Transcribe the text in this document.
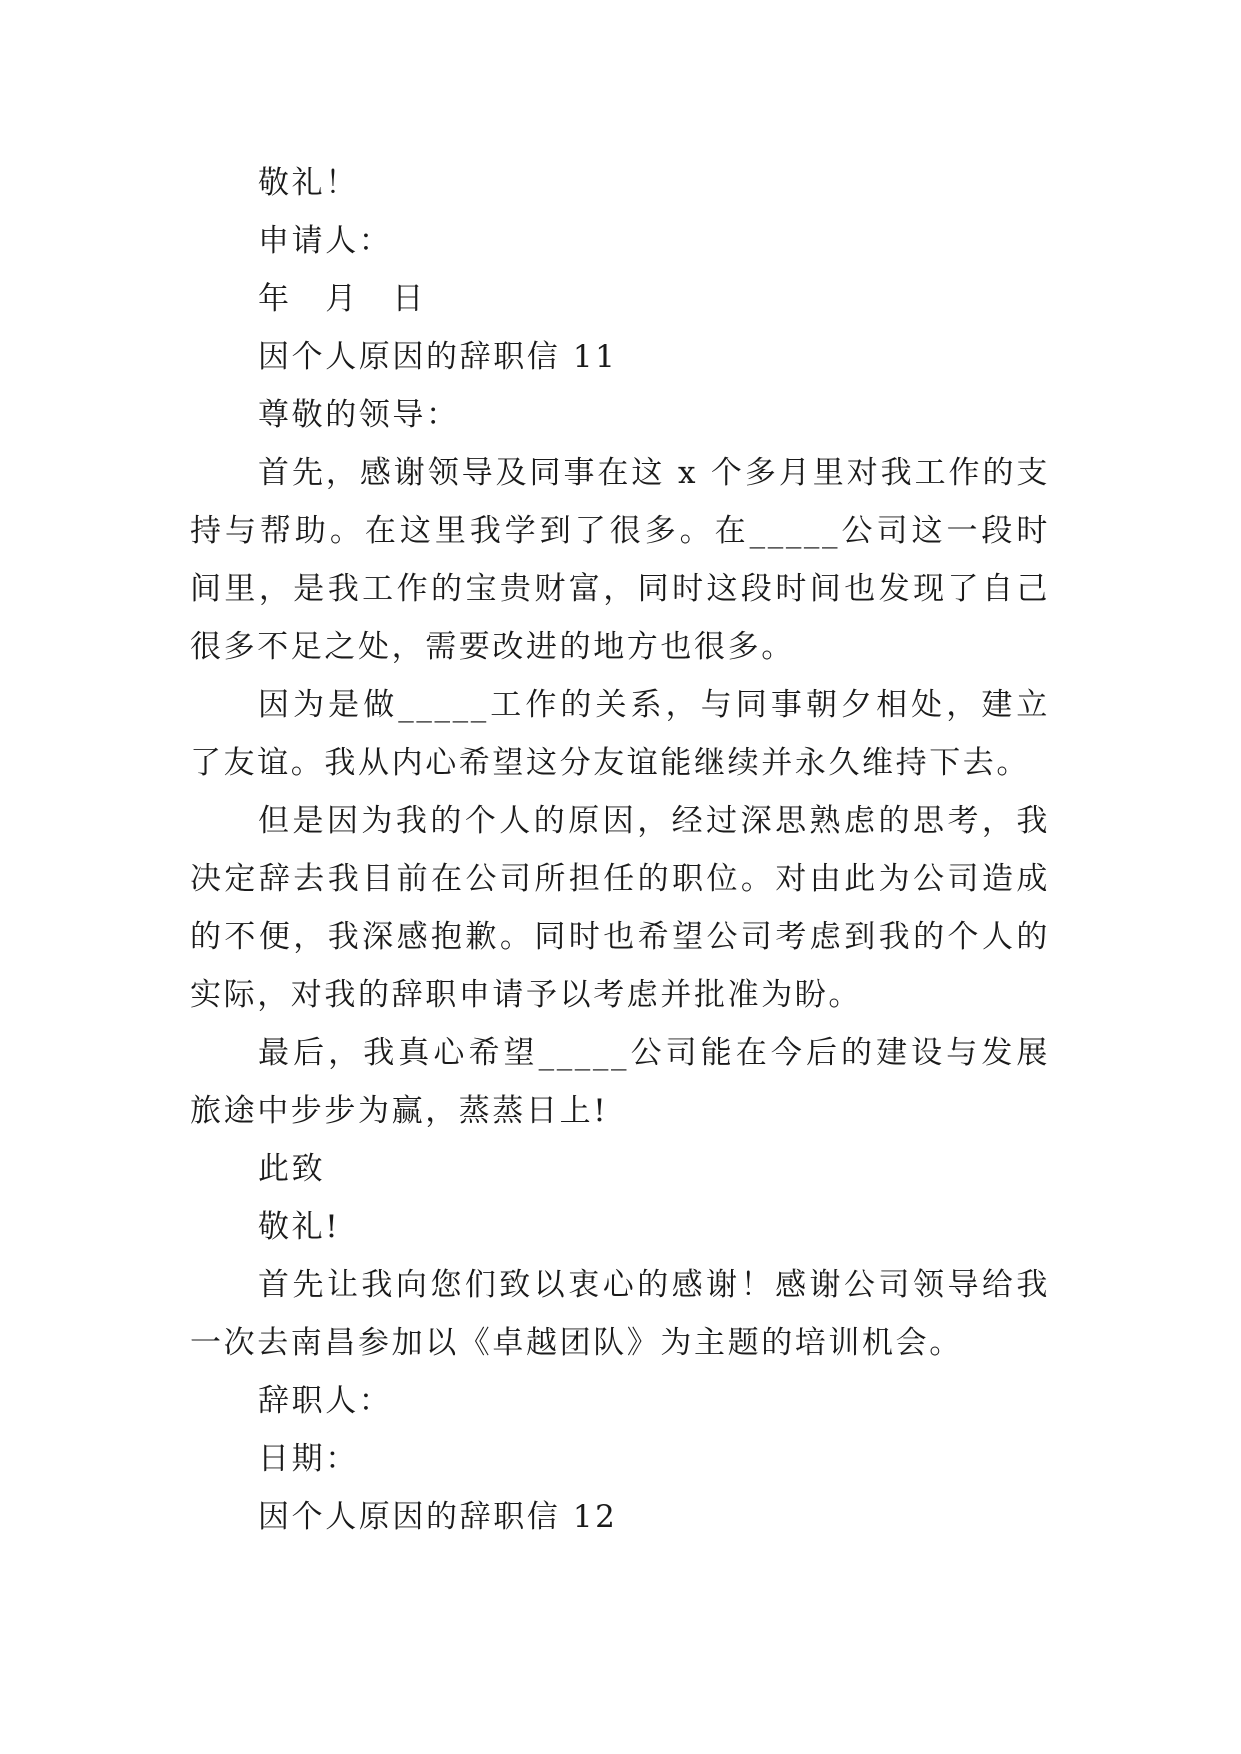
敬礼！
申请人：
年　月　日
因个人原因的辞职信 11
尊敬的领导：

首先，感谢领导及同事在这 x 个多月里对我工作的支持与帮助。在这里我学到了很多。在_____公司这一段时间里，是我工作的宝贵财富，同时这段时间也发现了自己很多不足之处，需要改进的地方也很多。

因为是做_____工作的关系，与同事朝夕相处，建立了友谊。我从内心希望这分友谊能继续并永久维持下去。

但是因为我的个人的原因，经过深思熟虑的思考，我决定辞去我目前在公司所担任的职位。对由此为公司造成的不便，我深感抱歉。同时也希望公司考虑到我的个人的实际，对我的辞职申请予以考虑并批准为盼。

最后，我真心希望_____公司能在今后的建设与发展旅途中步步为赢，蒸蒸日上!

此致
敬礼!

首先让我向您们致以衷心的感谢！感谢公司领导给我一次去南昌参加以《卓越团队》为主题的培训机会。

辞职人：
日期：
因个人原因的辞职信 12
